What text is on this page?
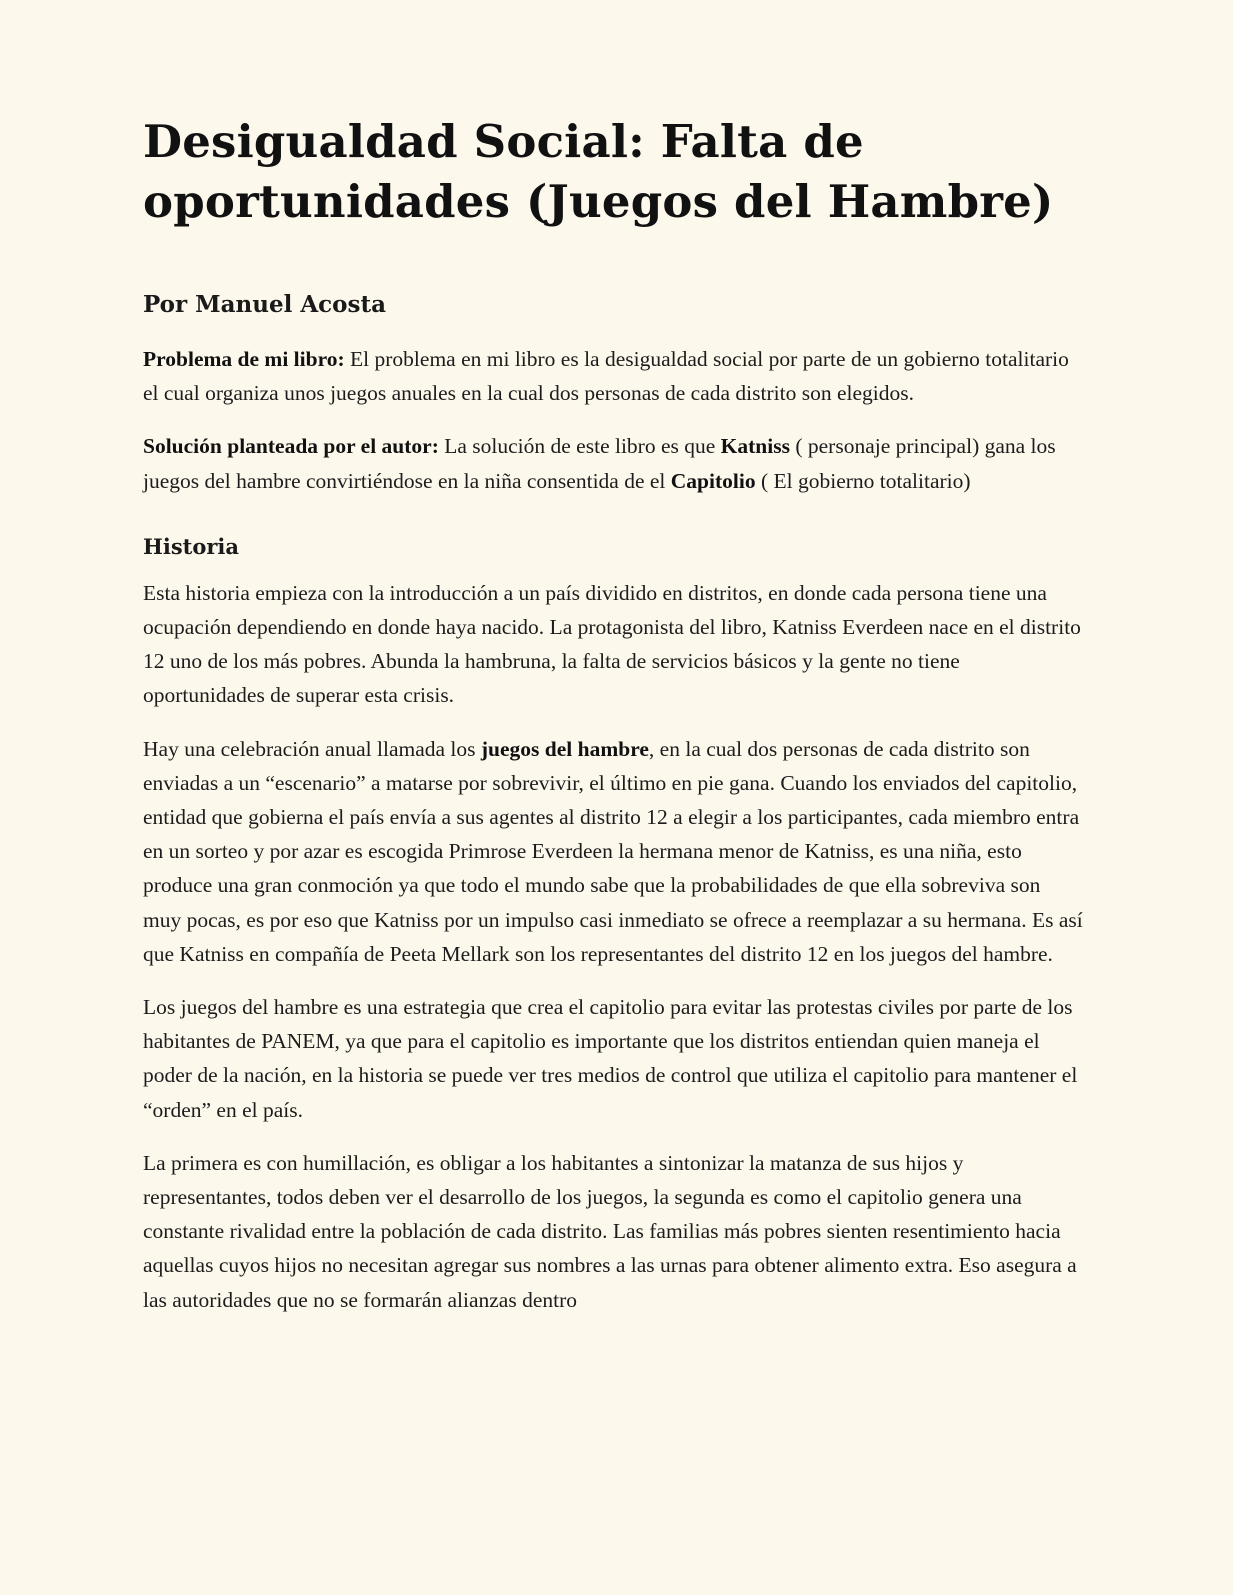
Desigualdad Social: Falta de oportunidades (Juegos del Hambre)
Por Manuel Acosta

Problema de mi libro: El problema en mi libro es la desigualdad social por parte de un gobierno totalitario el cual organiza unos juegos anuales en la cual dos personas de cada distrito son elegidos.

Solución planteada por el autor: La solución de este libro es que Katniss ( personaje principal) gana los juegos del hambre convirtiéndose en la niña consentida de el Capitolio ( El gobierno totalitario)

Historia

Esta historia empieza con la introducción a un país dividido en distritos, en donde cada persona tiene una ocupación dependiendo en donde haya nacido. La protagonista del libro, Katniss Everdeen nace en el distrito 12 uno de los más pobres. Abunda la hambruna, la falta de servicios básicos y la gente no tiene oportunidades de superar esta crisis.

Hay una celebración anual llamada los juegos del hambre, en la cual dos personas de cada distrito son enviadas a un “escenario” a matarse por sobrevivir, el último en pie gana. Cuando los enviados del capitolio, entidad que gobierna el país envía a sus agentes al distrito 12 a elegir a los participantes, cada miembro entra en un sorteo y por azar es escogida Primrose Everdeen la hermana menor de Katniss, es una niña, esto produce una gran conmoción ya que todo el mundo sabe que la probabilidades de que ella sobreviva son muy pocas, es por eso que Katniss por un impulso casi inmediato se ofrece a reemplazar a su hermana. Es así que Katniss en compañía de Peeta Mellark son los representantes del distrito 12 en los juegos del hambre.

Los juegos del hambre es una estrategia que crea el capitolio para evitar las protestas civiles por parte de los habitantes de PANEM, ya que para el capitolio es importante que los distritos entiendan quien maneja el poder de la nación, en la historia se puede ver tres medios de control que utiliza el capitolio para mantener el “orden” en el país.

La primera es con humillación, es obligar a los habitantes a sintonizar la matanza de sus hijos y representantes, todos deben ver el desarrollo de los juegos, la segunda es como el capitolio genera una constante rivalidad entre la población de cada distrito. Las familias más pobres sienten resentimiento hacia aquellas cuyos hijos no necesitan agregar sus nombres a las urnas para obtener alimento extra. Eso asegura a las autoridades que no se formarán alianzas dentro
